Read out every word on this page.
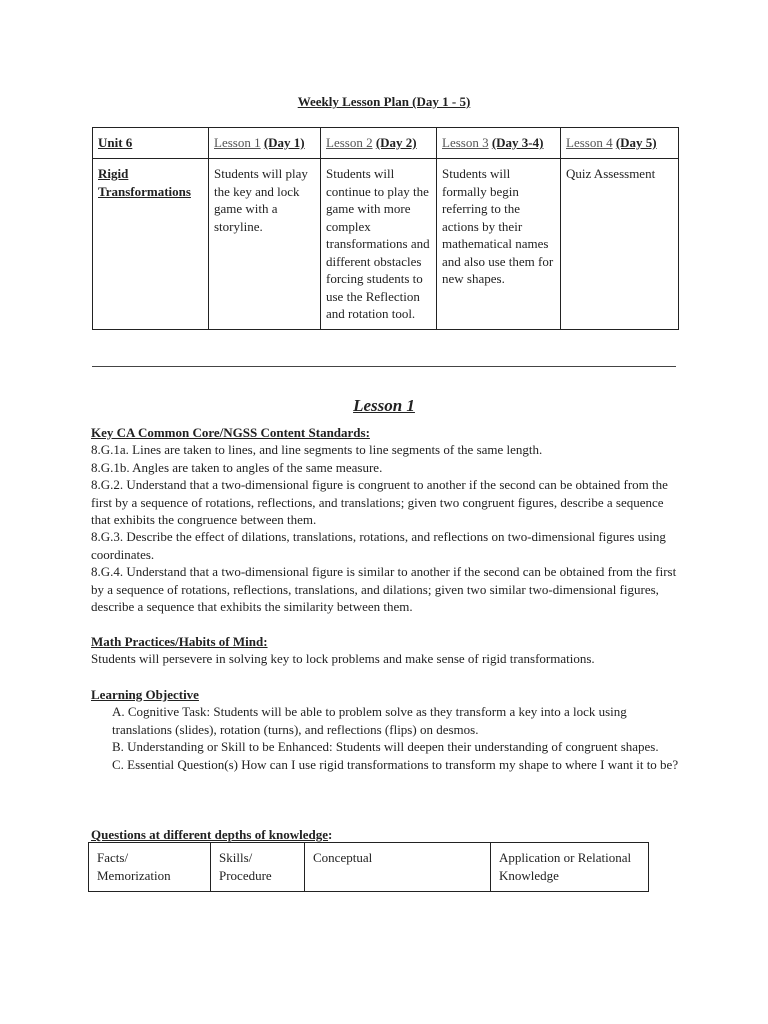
Weekly Lesson Plan (Day 1 - 5)
Unit 6	Lesson 1 (Day 1)	Lesson 2 (Day 2)	Lesson 3 (Day 3-4)	Lesson 4 (Day 5)
Rigid Transformations	Students will play the key and lock game with a storyline.	Students will continue to play the game with more complex transformations and different obstacles forcing students to use the Reflection and rotation tool.	Students will formally begin referring to the actions by their mathematical names and also use them for new shapes.	Quiz Assessment
Lesson 1
Key CA Common Core/NGSS Content Standards:
8.G.1a. Lines are taken to lines, and line segments to line segments of the same length.
8.G.1b. Angles are taken to angles of the same measure.
8.G.2. Understand that a two-dimensional figure is congruent to another if the second can be obtained from the first by a sequence of rotations, reflections, and translations; given two congruent figures, describe a sequence that exhibits the congruence between them.
8.G.3. Describe the effect of dilations, translations, rotations, and reflections on two-dimensional figures using coordinates.
8.G.4. Understand that a two-dimensional figure is similar to another if the second can be obtained from the first by a sequence of rotations, reflections, translations, and dilations; given two similar two-dimensional figures, describe a sequence that exhibits the similarity between them.
Math Practices/Habits of Mind:
Students will persevere in solving key to lock problems and make sense of rigid transformations.
Learning Objective
A. Cognitive Task: Students will be able to problem solve as they transform a key into a lock using translations (slides), rotation (turns), and reflections (flips) on desmos.
B. Understanding or Skill to be Enhanced: Students will deepen their understanding of congruent shapes.
C. Essential Question(s) How can I use rigid transformations to transform my shape to where I want it to be?
Questions at different depths of knowledge:
Facts/ Memorization	Skills/ Procedure	Conceptual	Application or Relational Knowledge
